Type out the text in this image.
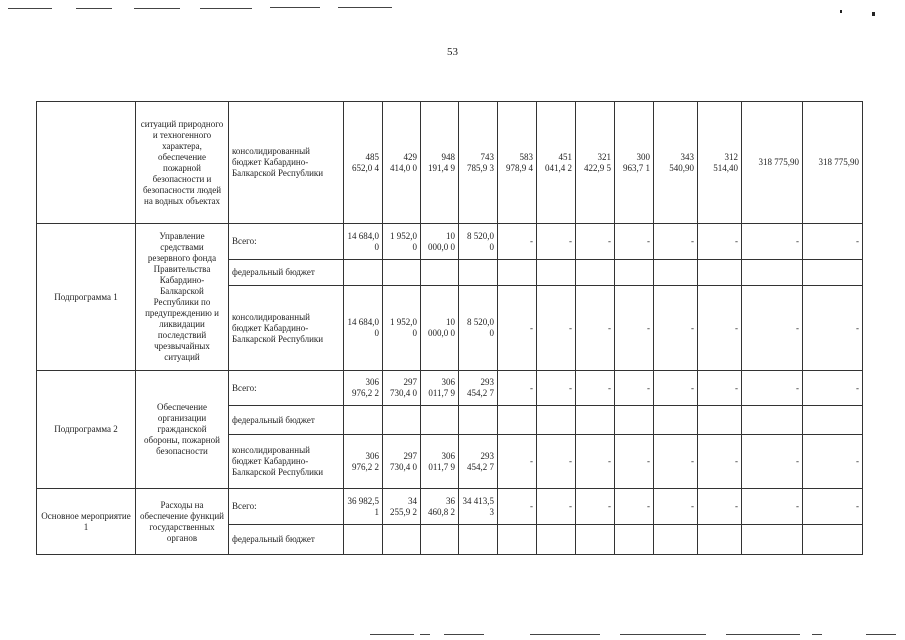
53
	ситуаций природного и техногенного характера, обеспечение пожарной безопасности и безопасности людей на водных объектах	консолидированный бюджет Кабардино-Балкарской Республики	485 652,0 4	429 414,0 0	948 191,4 9	743 785,9 3	583 978,9 4	451 041,4 2	321 422,9 5	300 963,7 1	343 540,90	312 514,40	318 775,90	318 775,90
Подпрограмма 1	Управление средствами резервного фонда Правительства Кабардино-Балкарской Республики по предупреждению и ликвидации последствий чрезвычайных ситуаций	Всего:	14 684,0 0	1 952,0 0	10 000,0 0	8 520,0 0	-	-	-	-	-	-	-	-
		федеральный бюджет												
		консолидированный бюджет Кабардино-Балкарской Республики	14 684,0 0	1 952,0 0	10 000,0 0	8 520,0 0	-	-	-	-	-	-	-	-
Подпрограмма 2	Обеспечение организации гражданской обороны, пожарной безопасности	Всего:	306 976,2 2	297 730,4 0	306 011,7 9	293 454,2 7	-	-	-	-	-	-	-	-
		федеральный бюджет												
		консолидированный бюджет Кабардино-Балкарской Республики	306 976,2 2	297 730,4 0	306 011,7 9	293 454,2 7	-	-	-	-	-	-	-	-
Основное мероприятие 1	Расходы на обеспечение функций государственных органов	Всего:	36 982,5 1	34 255,9 2	36 460,8 2	34 413,5 3	-	-	-	-	-	-	-	-
		федеральный бюджет												
